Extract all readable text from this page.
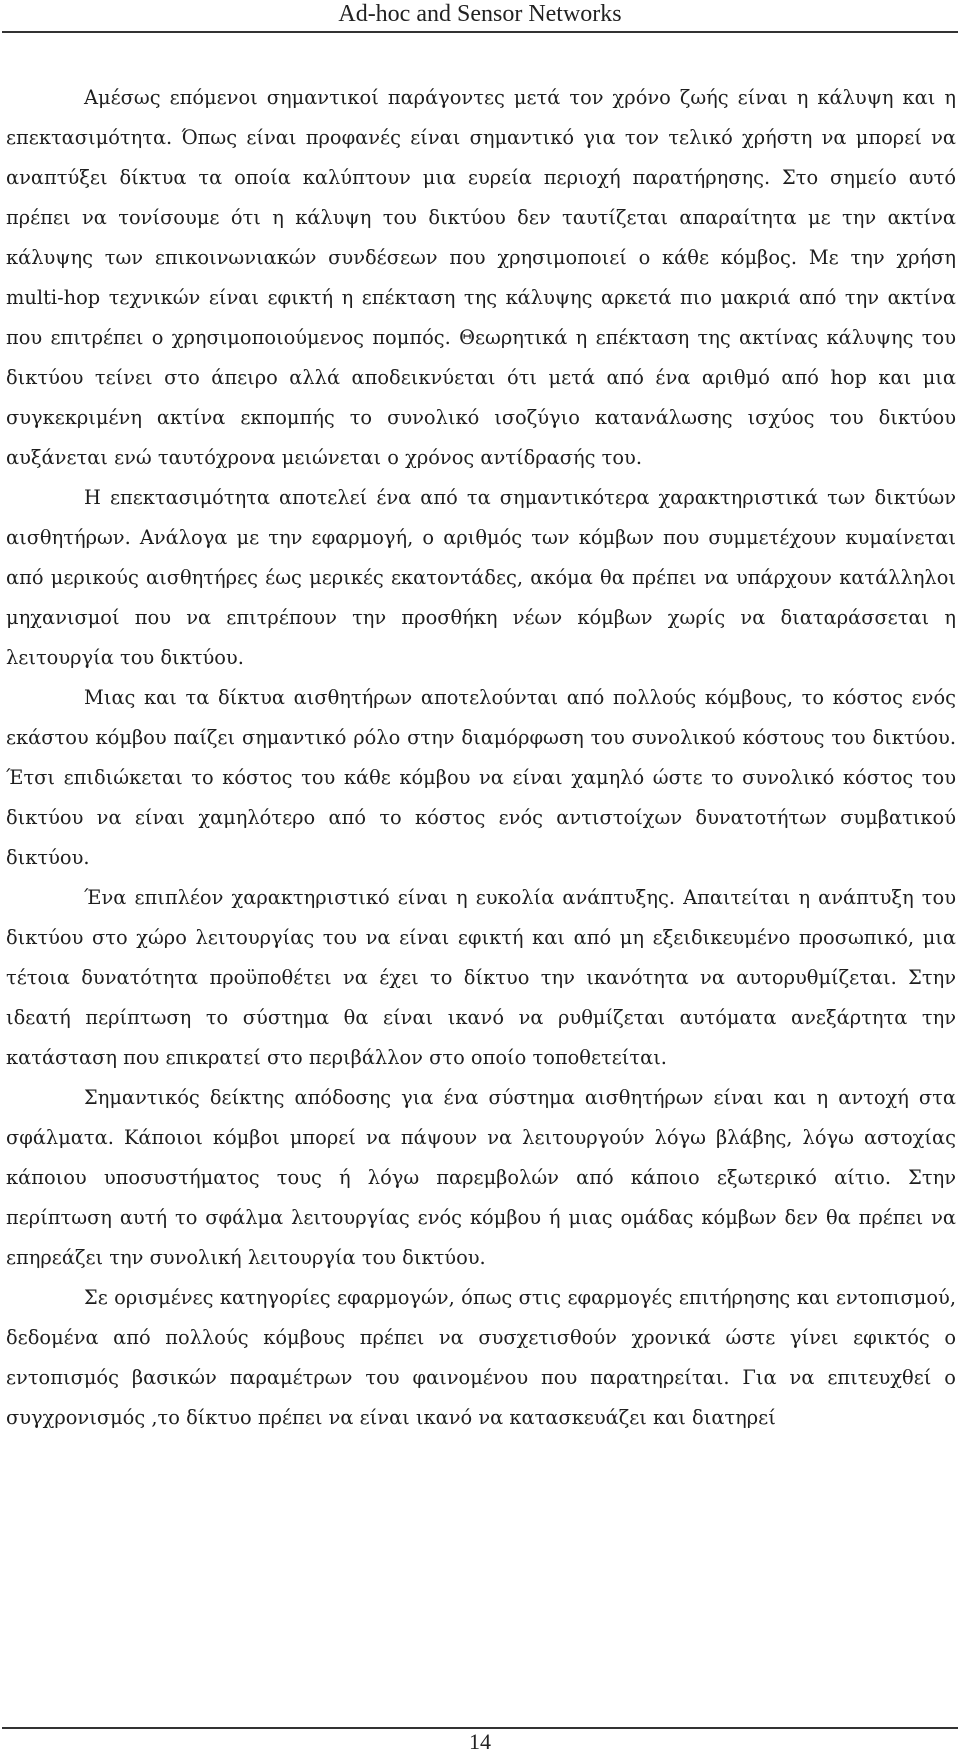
Ad-hoc and Sensor Networks

Αμέσως επόμενοι σημαντικοί παράγοντες μετά τον χρόνο ζωής είναι η κάλυψη και η επεκτασιμότητα. Όπως είναι προφανές είναι σημαντικό για τον τελικό χρήστη να μπορεί να αναπτύξει δίκτυα τα οποία καλύπτουν μια ευρεία περιοχή παρατήρησης. Στο σημείο αυτό πρέπει να τονίσουμε ότι η κάλυψη του δικτύου δεν ταυτίζεται απαραίτητα με την ακτίνα κάλυψης των επικοινωνιακών συνδέσεων που χρησιμοποιεί ο κάθε κόμβος. Με την χρήση multi-hop τεχνικών είναι εφικτή η επέκταση της κάλυψης αρκετά πιο μακριά από την ακτίνα που επιτρέπει ο χρησιμοποιούμενος πομπός. Θεωρητικά η επέκταση της ακτίνας κάλυψης του δικτύου τείνει στο άπειρο αλλά αποδεικνύεται ότι μετά από ένα αριθμό από hop και μια συγκεκριμένη ακτίνα εκπομπής το συνολικό ισοζύγιο κατανάλωσης ισχύος του δικτύου αυξάνεται ενώ ταυτόχρονα μειώνεται ο χρόνος αντίδρασής του.

Η επεκτασιμότητα αποτελεί ένα από τα σημαντικότερα χαρακτηριστικά των δικτύων αισθητήρων. Ανάλογα με την εφαρμογή, ο αριθμός των κόμβων που συμμετέχουν κυμαίνεται από μερικούς αισθητήρες έως μερικές εκατοντάδες, ακόμα θα πρέπει να υπάρχουν κατάλληλοι μηχανισμοί που να επιτρέπουν την προσθήκη νέων κόμβων χωρίς να διαταράσσεται η λειτουργία του δικτύου.

Μιας και τα δίκτυα αισθητήρων αποτελούνται από πολλούς κόμβους, το κόστος ενός εκάστου κόμβου παίζει σημαντικό ρόλο στην διαμόρφωση του συνολικού κόστους του δικτύου. Έτσι επιδιώκεται το κόστος του κάθε κόμβου να είναι χαμηλό ώστε το συνολικό κόστος του δικτύου να είναι χαμηλότερο από το κόστος ενός αντιστοίχων δυνατοτήτων συμβατικού δικτύου.

Ένα επιπλέον χαρακτηριστικό είναι η ευκολία ανάπτυξης. Απαιτείται η ανάπτυξη του δικτύου στο χώρο λειτουργίας του να είναι εφικτή και από μη εξειδικευμένο προσωπικό, μια τέτοια δυνατότητα προϋποθέτει να έχει το δίκτυο την ικανότητα να αυτορυθμίζεται. Στην ιδεατή περίπτωση το σύστημα θα είναι ικανό να ρυθμίζεται αυτόματα ανεξάρτητα την κατάσταση που επικρατεί στο περιβάλλον στο οποίο τοποθετείται.

Σημαντικός δείκτης απόδοσης για ένα σύστημα αισθητήρων είναι και η αντοχή στα σφάλματα. Κάποιοι κόμβοι μπορεί να πάψουν να λειτουργούν λόγω βλάβης, λόγω αστοχίας κάποιου υποσυστήματος τους ή λόγω παρεμβολών από κάποιο εξωτερικό αίτιο. Στην περίπτωση αυτή το σφάλμα λειτουργίας ενός κόμβου ή μιας ομάδας κόμβων δεν θα πρέπει να επηρεάζει την συνολική λειτουργία του δικτύου.

Σε ορισμένες κατηγορίες εφαρμογών, όπως στις εφαρμογές επιτήρησης και εντοπισμού, δεδομένα από πολλούς κόμβους πρέπει να συσχετισθούν χρονικά ώστε γίνει εφικτός ο εντοπισμός βασικών παραμέτρων του φαινομένου που παρατηρείται. Για να επιτευχθεί ο συγχρονισμός ,το δίκτυο πρέπει να είναι ικανό να κατασκευάζει και διατηρεί

14
